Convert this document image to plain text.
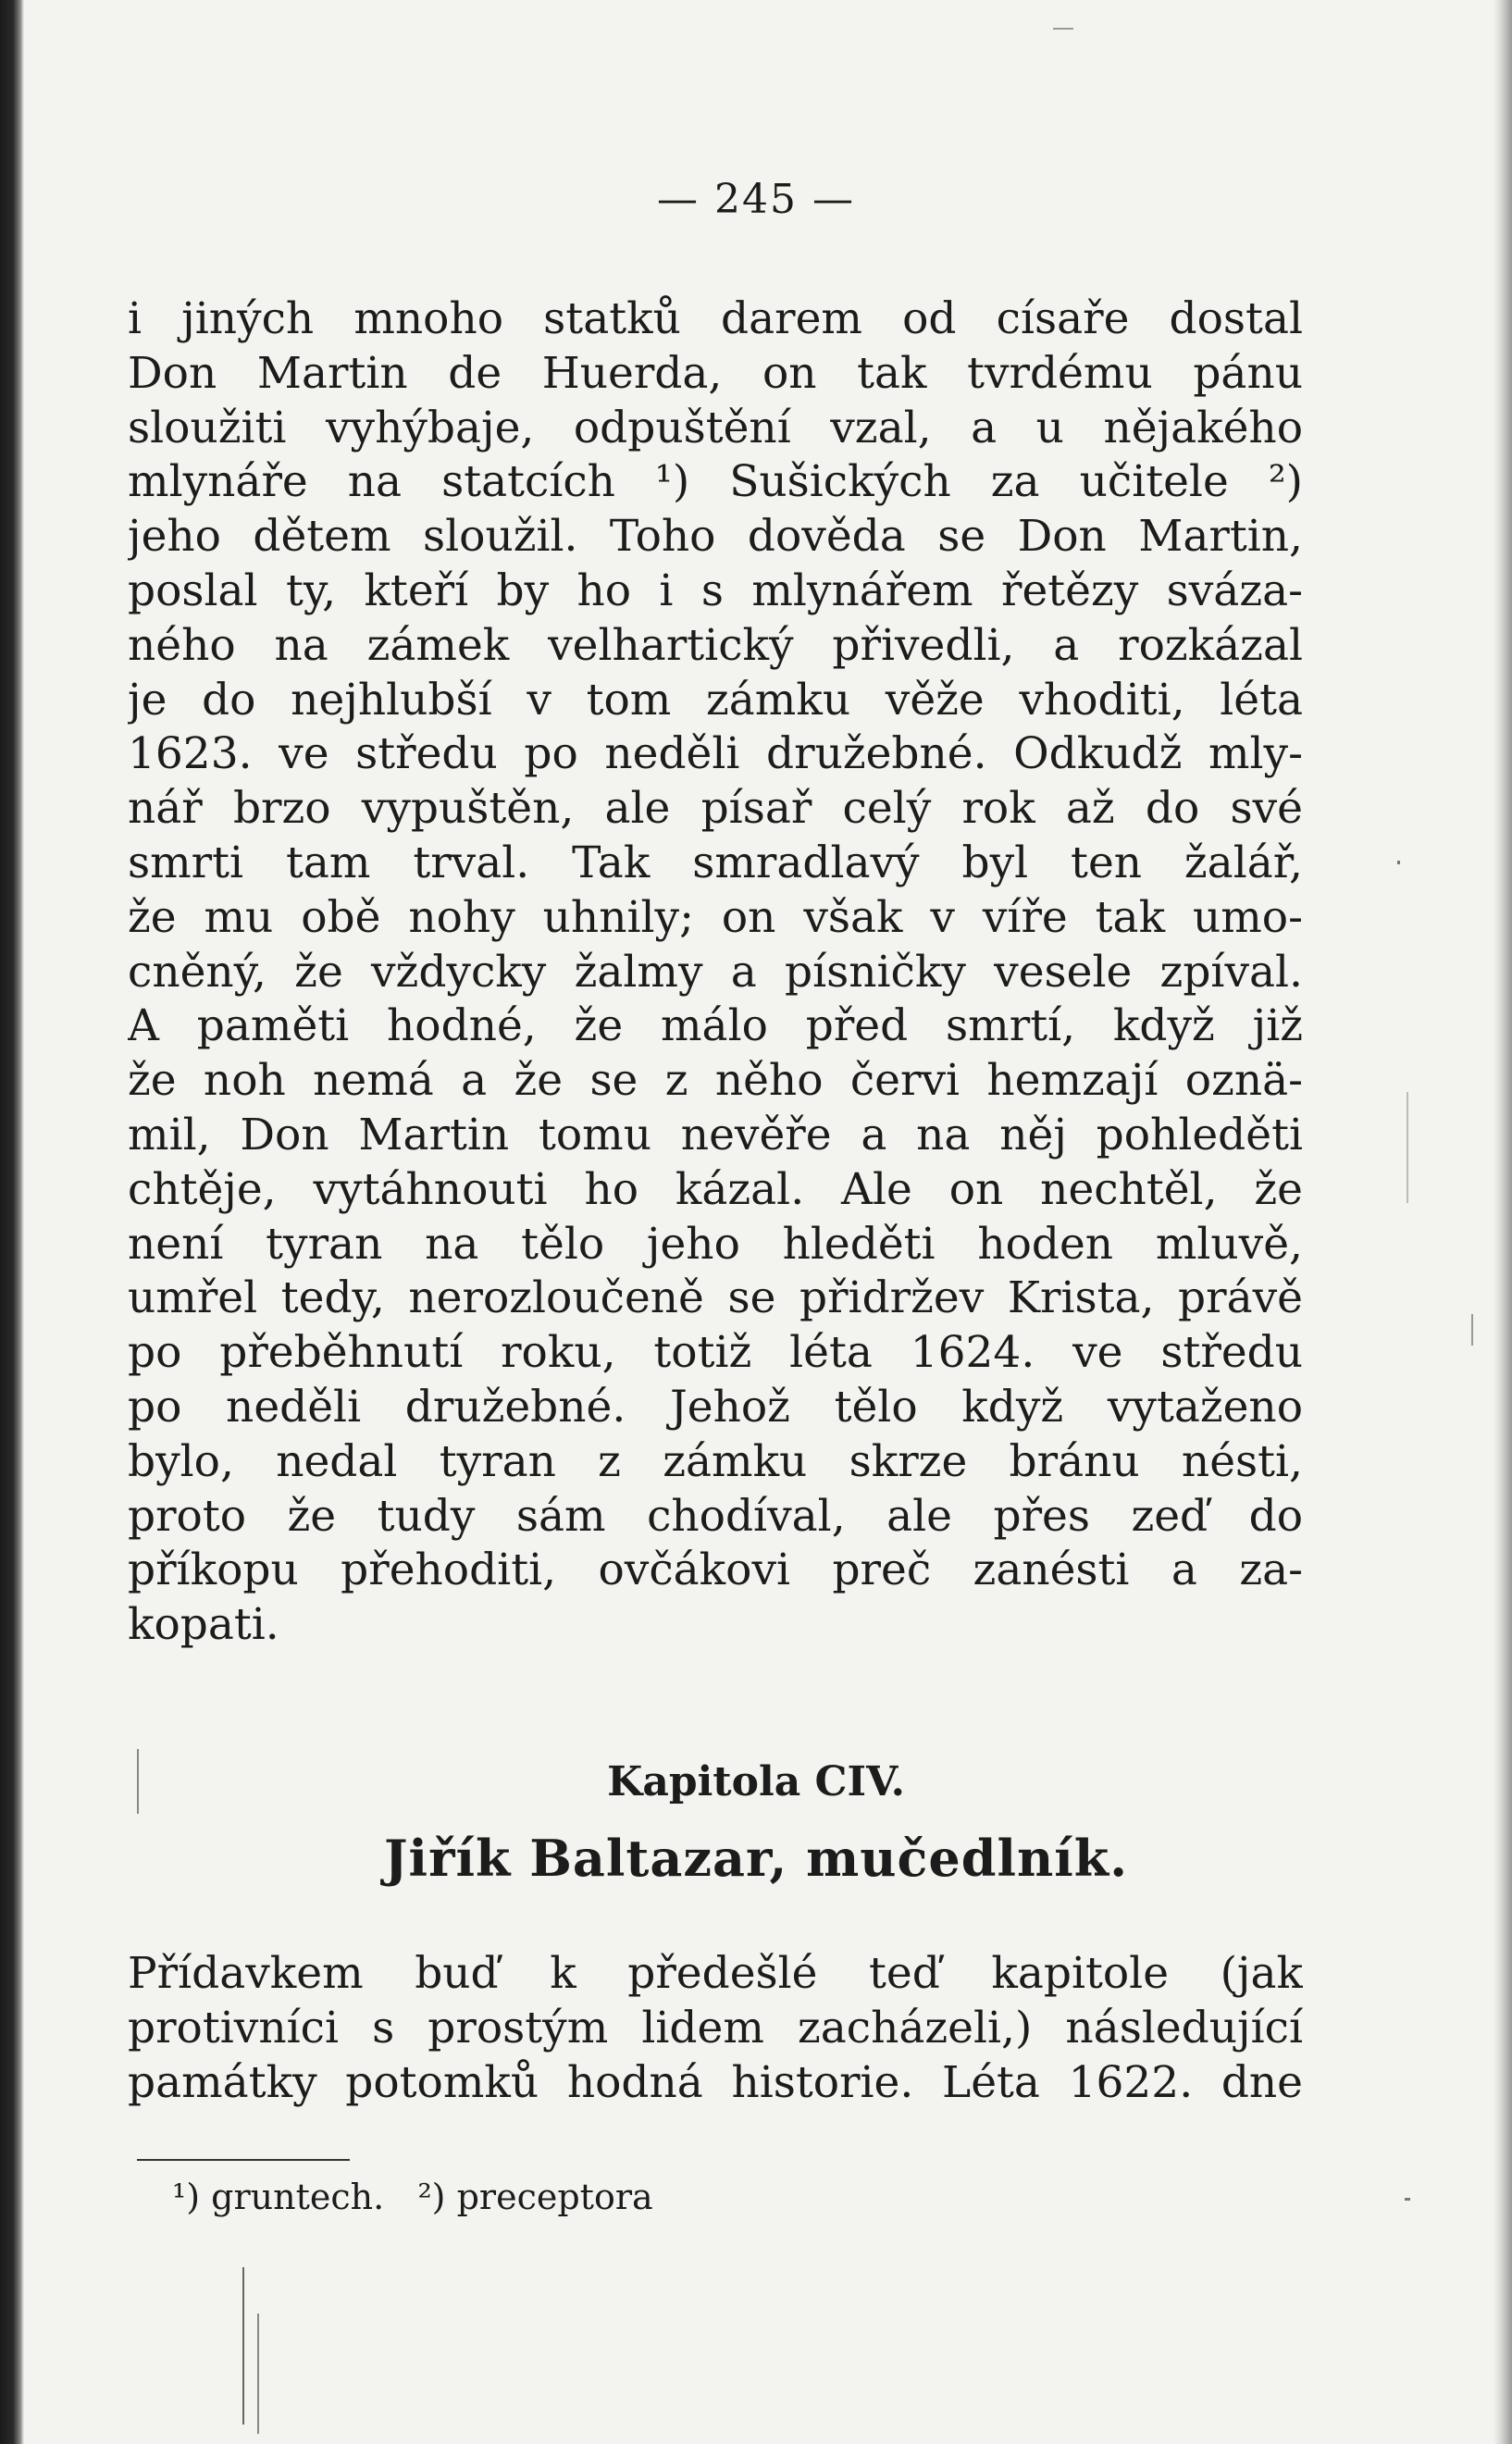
— 245 —
i jiných mnoho statků darem od císaře dostal
Don Martin de Huerda, on tak tvrdému pánu
sloužiti vyhýbaje, odpuštění vzal, a u nějakého
mlynáře na statcích ¹) Sušických za učitele ²)
jeho dětem sloužil. Toho dověda se Don Martin,
poslal ty, kteří by ho i s mlynářem řetězy sváza-
ného na zámek velhartický přivedli, a rozkázal
je do nejhlubší v tom zámku věže vhoditi, léta
1623. ve středu po neděli družebné. Odkudž mly-
nář brzo vypuštěn, ale písař celý rok až do své
smrti tam trval. Tak smradlavý byl ten žalář,
že mu obě nohy uhnily; on však v víře tak umo-
cněný, že vždycky žalmy a písničky vesele zpíval.
A paměti hodné, že málo před smrtí, když již
že noh nemá a že se z něho červi hemzají oznä-
mil, Don Martin tomu nevěře a na něj pohleděti
chtěje, vytáhnouti ho kázal. Ale on nechtěl, že
není tyran na tělo jeho hleděti hoden mluvě,
umřel tedy, nerozloučeně se přidržev Krista, právě
po přeběhnutí roku, totiž léta 1624. ve středu
po neděli družebné. Jehož tělo když vytaženo
bylo, nedal tyran z zámku skrze bránu nésti,
proto že tudy sám chodíval, ale přes zeď do
příkopu přehoditi, ovčákovi preč zanésti a za-
kopati.
Kapitola CIV.
Jiřík Baltazar, mučedlník.
Přídavkem buď k předešlé teď kapitole (jak
protivníci s prostým lidem zacházeli,) následující
památky potomků hodná historie. Léta 1622. dne
¹) gruntech. ²) preceptora
